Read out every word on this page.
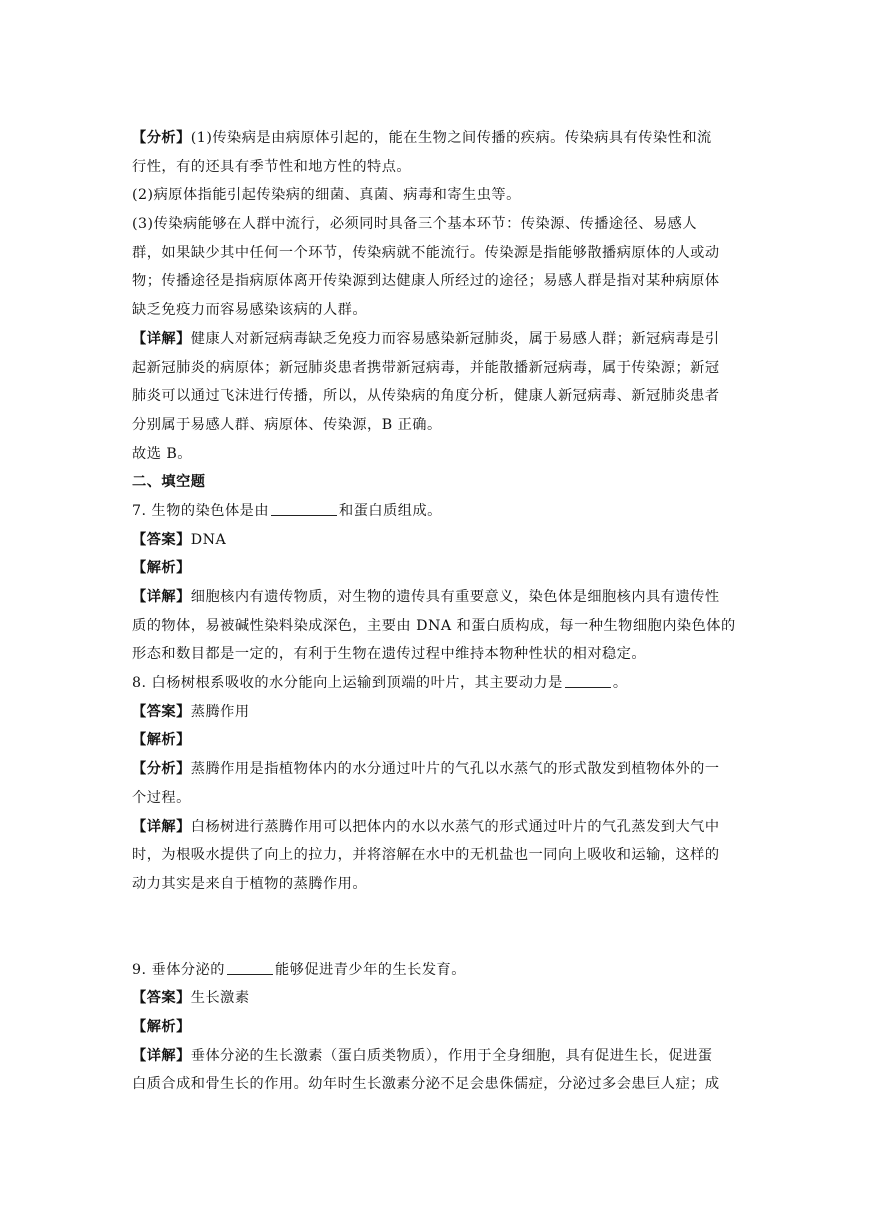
【分析】(1)传染病是由病原体引起的，能在生物之间传播的疾病。传染病具有传染性和流
行性，有的还具有季节性和地方性的特点。
(2)病原体指能引起传染病的细菌、真菌、病毒和寄生虫等。
(3)传染病能够在人群中流行，必须同时具备三个基本环节：传染源、传播途径、易感人
群，如果缺少其中任何一个环节，传染病就不能流行。传染源是指能够散播病原体的人或动
物；传播途径是指病原体离开传染源到达健康人所经过的途径；易感人群是指对某种病原体
缺乏免疫力而容易感染该病的人群。
【详解】健康人对新冠病毒缺乏免疫力而容易感染新冠肺炎，属于易感人群；新冠病毒是引
起新冠肺炎的病原体；新冠肺炎患者携带新冠病毒，并能散播新冠病毒，属于传染源；新冠
肺炎可以通过飞沫进行传播，所以，从传染病的角度分析，健康人新冠病毒、新冠肺炎患者
分别属于易感人群、病原体、传染源，B 正确。
故选 B。
二、填空题
7. 生物的染色体是由	和蛋白质组成。
【答案】DNA
【解析】
【详解】细胞核内有遗传物质，对生物的遗传具有重要意义，染色体是细胞核内具有遗传性
质的物体，易被碱性染料染成深色，主要由 DNA 和蛋白质构成，每一种生物细胞内染色体的
形态和数目都是一定的，有利于生物在遗传过程中维持本物种性状的相对稳定。
8. 白杨树根系吸收的水分能向上运输到顶端的叶片，其主要动力是	。
【答案】蒸腾作用
【解析】
【分析】蒸腾作用是指植物体内的水分通过叶片的气孔以水蒸气的形式散发到植物体外的一
个过程。
【详解】白杨树进行蒸腾作用可以把体内的水以水蒸气的形式通过叶片的气孔蒸发到大气中
时，为根吸水提供了向上的拉力，并将溶解在水中的无机盐也一同向上吸收和运输，这样的
动力其实是来自于植物的蒸腾作用。
9. 垂体分泌的	能够促进青少年的生长发育。
【答案】生长激素
【解析】
【详解】垂体分泌的生长激素（蛋白质类物质），作用于全身细胞，具有促进生长，促进蛋
白质合成和骨生长的作用。幼年时生长激素分泌不足会患侏儒症，分泌过多会患巨人症；成
